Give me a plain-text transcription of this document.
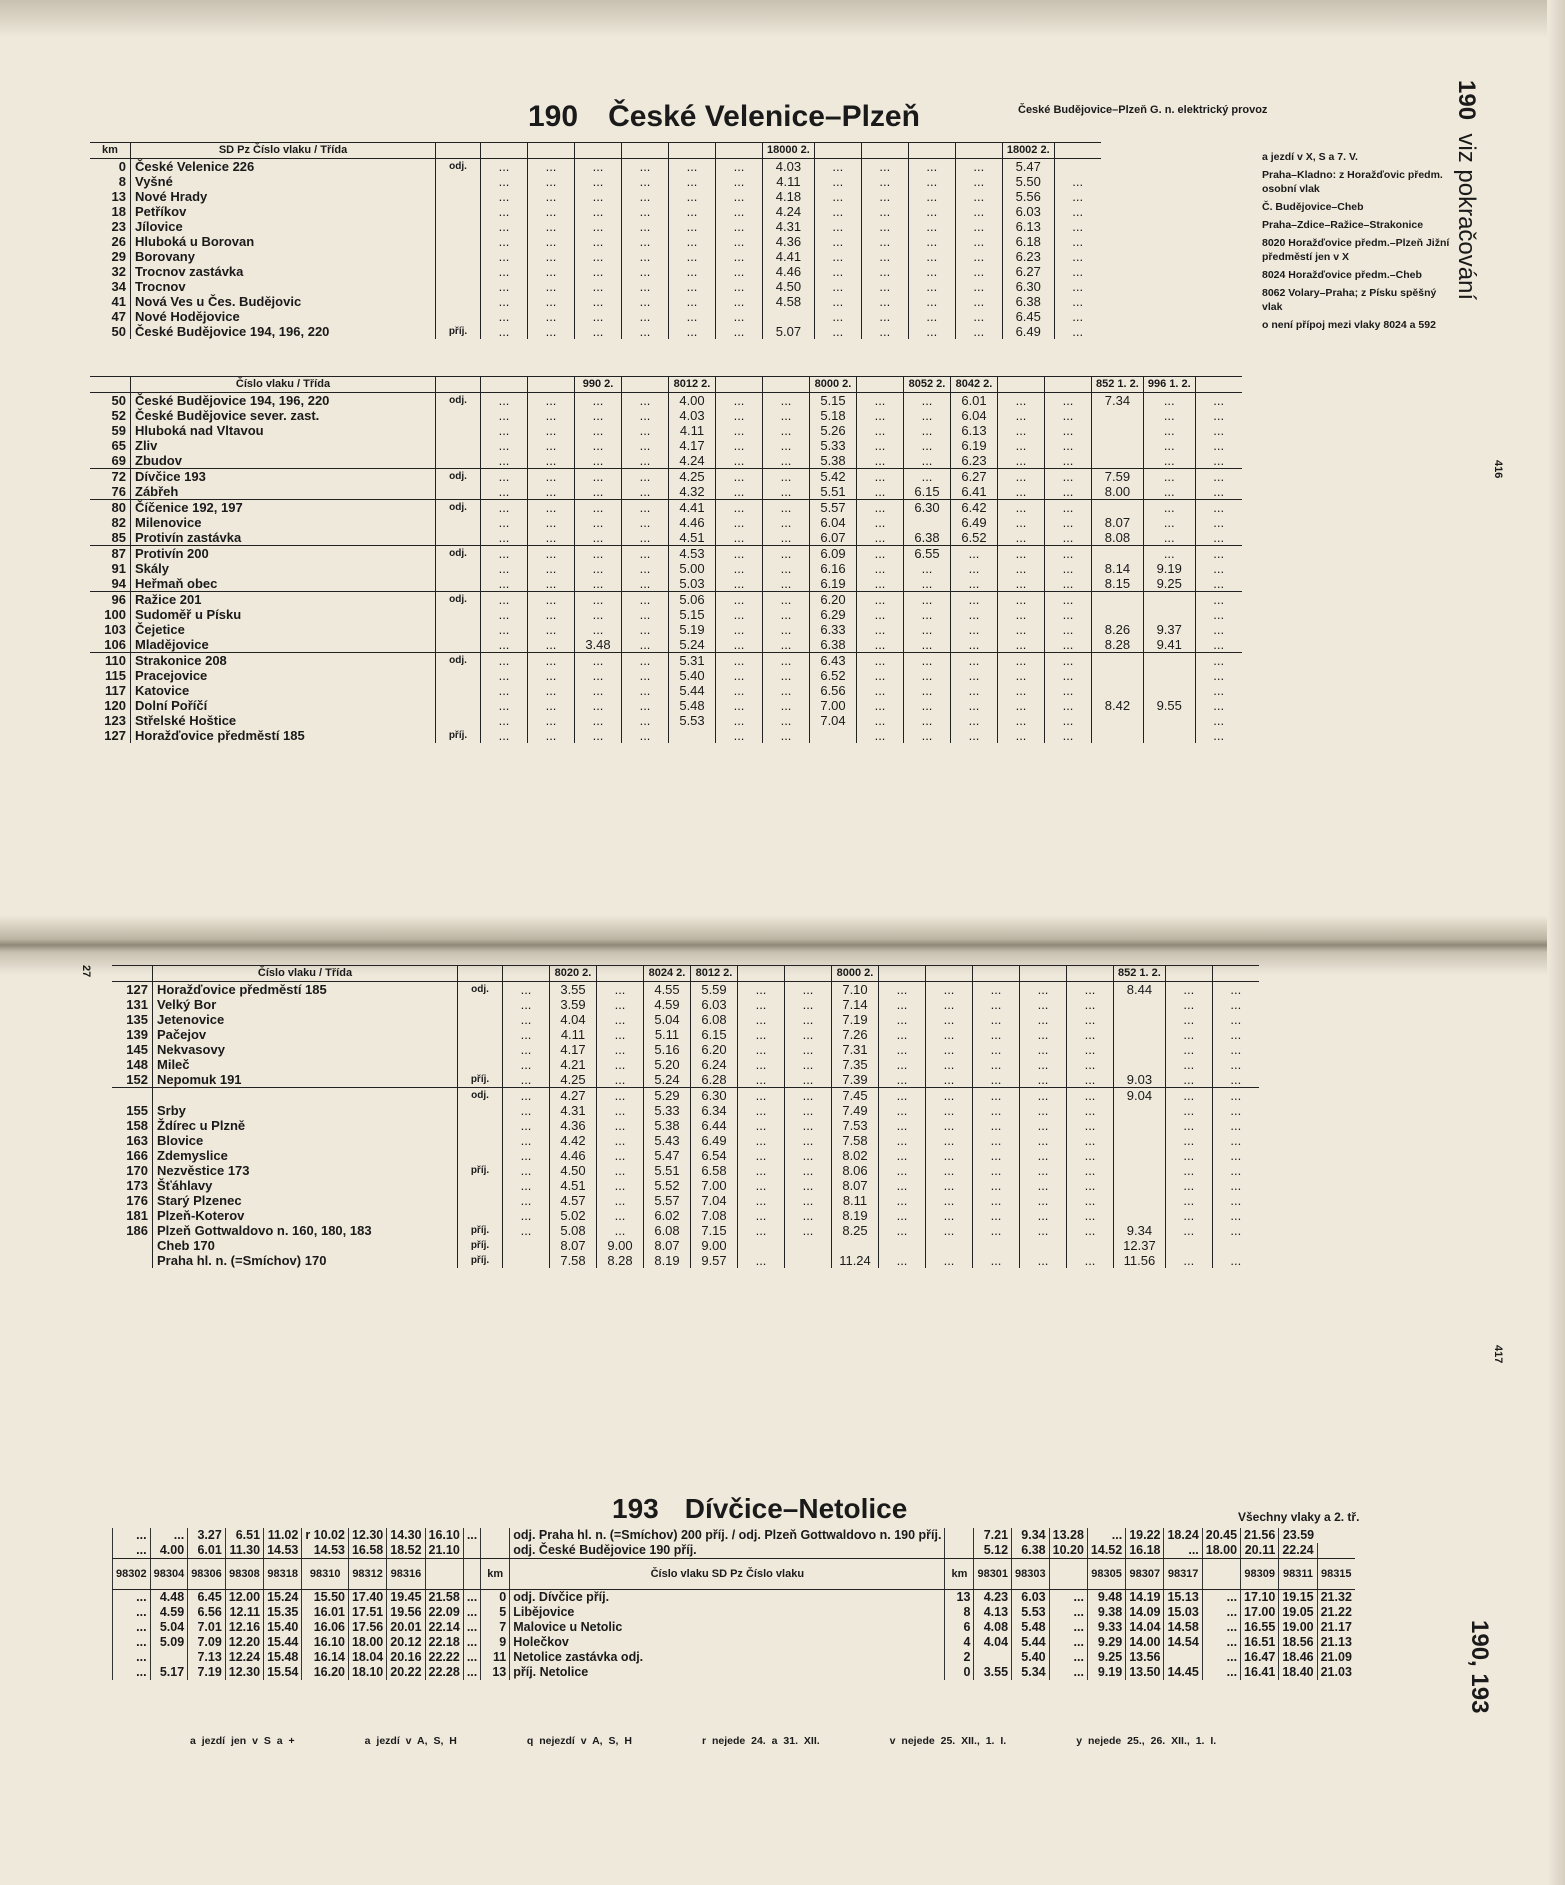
190 České Velenice–Plzeň	České Budějovice–Plzeň G. n. elektrický provoz	190  viz pokračování
416
km	SD Pz Číslo vlaku / Třída								18000 2.					18002 2.	
0	České Velenice 226	odj.	...	...	...	...	...	...	4.03	...	...	...	...	5.47	
8	Vyšné		...	...	...	...	...	...	4.11	...	...	...	...	5.50	...
13	Nové Hrady		...	...	...	...	...	...	4.18	...	...	...	...	5.56	...
18	Petříkov		...	...	...	...	...	...	4.24	...	...	...	...	6.03	...
23	Jílovice		...	...	...	...	...	...	4.31	...	...	...	...	6.13	...
26	Hluboká u Borovan		...	...	...	...	...	...	4.36	...	...	...	...	6.18	...
29	Borovany		...	...	...	...	...	...	4.41	...	...	...	...	6.23	...
32	Trocnov zastávka		...	...	...	...	...	...	4.46	...	...	...	...	6.27	...
34	Trocnov		...	...	...	...	...	...	4.50	...	...	...	...	6.30	...
41	Nová Ves u Čes. Budějovic		...	...	...	...	...	...	4.58	...	...	...	...	6.38	...
47	Nové Hodějovice		...	...	...	...	...	...		...	...	...	...	6.45	...
50	České Budějovice 194, 196, 220	příj.	...	...	...	...	...	...	5.07	...	...	...	...	6.49	...
	Číslo vlaku / Třída				990 2.		8012 2.			8000 2.		8052 2.	8042 2.			852 1. 2.	996 1. 2.	
50	České Budějovice 194, 196, 220	odj.	...	...	...	...	4.00	...	...	5.15	...	...	6.01	...	...	7.34	...	...
52	České Budějovice sever. zast.		...	...	...	...	4.03	...	...	5.18	...	...	6.04	...	...		...	...
59	Hluboká nad Vltavou		...	...	...	...	4.11	...	...	5.26	...	...	6.13	...	...		...	...
65	Zliv		...	...	...	...	4.17	...	...	5.33	...	...	6.19	...	...		...	...
69	Zbudov		...	...	...	...	4.24	...	...	5.38	...	...	6.23	...	...		...	...
72	Dívčice 193	odj.	...	...	...	...	4.25	...	...	5.42	...	...	6.27	...	...	7.59	...	...
76	Zábřeh		...	...	...	...	4.32	...	...	5.51	...	6.15	6.41	...	...	8.00	...	...
80	Číčenice 192, 197	odj.	...	...	...	...	4.41	...	...	5.57	...	6.30	6.42	...	...		...	...
82	Milenovice		...	...	...	...	4.46	...	...	6.04	...		6.49	...	...	8.07	...	...
85	Protivín zastávka		...	...	...	...	4.51	...	...	6.07	...	6.38	6.52	...	...	8.08	...	...
87	Protivín 200	odj.	...	...	...	...	4.53	...	...	6.09	...	6.55	...	...	...		...	...
91	Skály		...	...	...	...	5.00	...	...	6.16	...	...	...	...	...	8.14	9.19	...
94	Heřmaň obec		...	...	...	...	5.03	...	...	6.19	...	...	...	...	...	8.15	9.25	...
96	Ražice 201	odj.	...	...	...	...	5.06	...	...	6.20	...	...	...	...	...			...
100	Sudoměř u Písku		...	...	...	...	5.15	...	...	6.29	...	...	...	...	...			...
103	Čejetice		...	...	...	...	5.19	...	...	6.33	...	...	...	...	...	8.26	9.37	...
106	Mladějovice		...	...	3.48	...	5.24	...	...	6.38	...	...	...	...	...	8.28	9.41	...
110	Strakonice 208	odj.	...	...	...	...	5.31	...	...	6.43	...	...	...	...	...			...
115	Pracejovice		...	...	...	...	5.40	...	...	6.52	...	...	...	...	...			...
117	Katovice		...	...	...	...	5.44	...	...	6.56	...	...	...	...	...			...
120	Dolní Poříčí		...	...	...	...	5.48	...	...	7.00	...	...	...	...	...	8.42	9.55	...
123	Střelské Hoštice		...	...	...	...	5.53	...	...	7.04	...	...	...	...	...			...
127	Horažďovice předměstí 185	příj.	...	...	...	...		...	...		...	...	...	...	...			...
a jezdí v X, S a 7. V.
Praha–Kladno: z Horažďovic předm. osobní vlak
Č. Budějovice–Cheb
Praha–Zdice–Ražice–Strakonice
8020 Horažďovice předm.–Plzeň Jižní předměstí jen v X
8024 Horažďovice předm.–Cheb
8062 Volary–Praha; z Písku spěšný vlak
o není přípoj mezi vlaky 8024 a 592
27
		Číslo vlaku / Třída			8020 2.		8024 2.	8012 2.			8000 2.						852 1. 2.		
127	Horažďovice předměstí 185	odj.	...	3.55	...	4.55	5.59	...	...	7.10	...	...	...	...	...	8.44	...	...
131	Velký Bor		...	3.59	...	4.59	6.03	...	...	7.14	...	...	...	...	...		...	...
135	Jetenovice		...	4.04	...	5.04	6.08	...	...	7.19	...	...	...	...	...		...	...
139	Pačejov		...	4.11	...	5.11	6.15	...	...	7.26	...	...	...	...	...		...	...
145	Nekvasovy		...	4.17	...	5.16	6.20	...	...	7.31	...	...	...	...	...		...	...
148	Mileč		...	4.21	...	5.20	6.24	...	...	7.35	...	...	...	...	...		...	...
152	Nepomuk 191	příj.	...	4.25	...	5.24	6.28	...	...	7.39	...	...	...	...	...	9.03	...	...
		odj.	...	4.27	...	5.29	6.30	...	...	7.45	...	...	...	...	...	9.04	...	...
155	Srby		...	4.31	...	5.33	6.34	...	...	7.49	...	...	...	...	...		...	...
158	Ždírec u Plzně		...	4.36	...	5.38	6.44	...	...	7.53	...	...	...	...	...		...	...
163	Blovice		...	4.42	...	5.43	6.49	...	...	7.58	...	...	...	...	...		...	...
166	Zdemyslice		...	4.46	...	5.47	6.54	...	...	8.02	...	...	...	...	...		...	...
170	Nezvěstice 173	příj.	...	4.50	...	5.51	6.58	...	...	8.06	...	...	...	...	...		...	...
173	Šťáhlavy		...	4.51	...	5.52	7.00	...	...	8.07	...	...	...	...	...		...	...
176	Starý Plzenec		...	4.57	...	5.57	7.04	...	...	8.11	...	...	...	...	...		...	...
181	Plzeň-Koterov		...	5.02	...	6.02	7.08	...	...	8.19	...	...	...	...	...		...	...
186	Plzeň Gottwaldovo n. 160, 180, 183	příj.	...	5.08	...	6.08	7.15	...	...	8.25	...	...	...	...	...	9.34	...	...
	Cheb 170	příj.		8.07	9.00	8.07	9.00									12.37		
	Praha hl. n. (=Smíchov) 170	příj.		7.58	8.28	8.19	9.57	...		11.24	...	...	...	...	...	11.56	...	...
417
193 Dívčice–Netolice	Všechny vlaky a 2. tř.
190, 193
...	...	3.27	6.51	11.02	r 10.02	12.30	14.30	16.10	...		odj. Praha hl. n. (=Smíchov) 200 příj. / odj. Plzeň Gottwaldovo n. 190 příj.		7.21	9.34	13.28	...	19.22	18.24	20.45	21.56	23.59	
...	4.00	6.01	11.30	14.53	14.53	16.58	18.52	21.10			odj. České Budějovice 190 příj.		5.12	6.38	10.20	14.52	16.18	...	18.00	20.11	22.24	
98302	98304	98306	98308	98318	98310	98312	98316			km	Číslo vlaku SD Pz Číslo vlaku	km	98301	98303		98305	98307	98317		98309	98311	98315
...	4.48	6.45	12.00	15.24	15.50	17.40	19.45	21.58	...	0	odj. Dívčice příj.	13	4.23	6.03	...	9.48	14.19	15.13	...	17.10	19.15	21.32
...	4.59	6.56	12.11	15.35	16.01	17.51	19.56	22.09	...	5	Libějovice	8	4.13	5.53	...	9.38	14.09	15.03	...	17.00	19.05	21.22
...	5.04	7.01	12.16	15.40	16.06	17.56	20.01	22.14	...	7	Malovice u Netolic	6	4.08	5.48	...	9.33	14.04	14.58	...	16.55	19.00	21.17
...	5.09	7.09	12.20	15.44	16.10	18.00	20.12	22.18	...	9	Holečkov	4	4.04	5.44	...	9.29	14.00	14.54	...	16.51	18.56	21.13
...		7.13	12.24	15.48	16.14	18.04	20.16	22.22	...	11	Netolice zastávka odj.	2		5.40	...	9.25	13.56		...	16.47	18.46	21.09
...	5.17	7.19	12.30	15.54	16.20	18.10	20.22	22.28	...	13	příj. Netolice	0	3.55	5.34	...	9.19	13.50	14.45	...	16.41	18.40	21.03
a jezdí jen v S a +	a jezdí v A, S, H	q nejezdí v A, S, H	r nejede 24. a 31. XII.	v nejede 25. XII., 1. I.	y nejede 25., 26. XII., 1. I.
